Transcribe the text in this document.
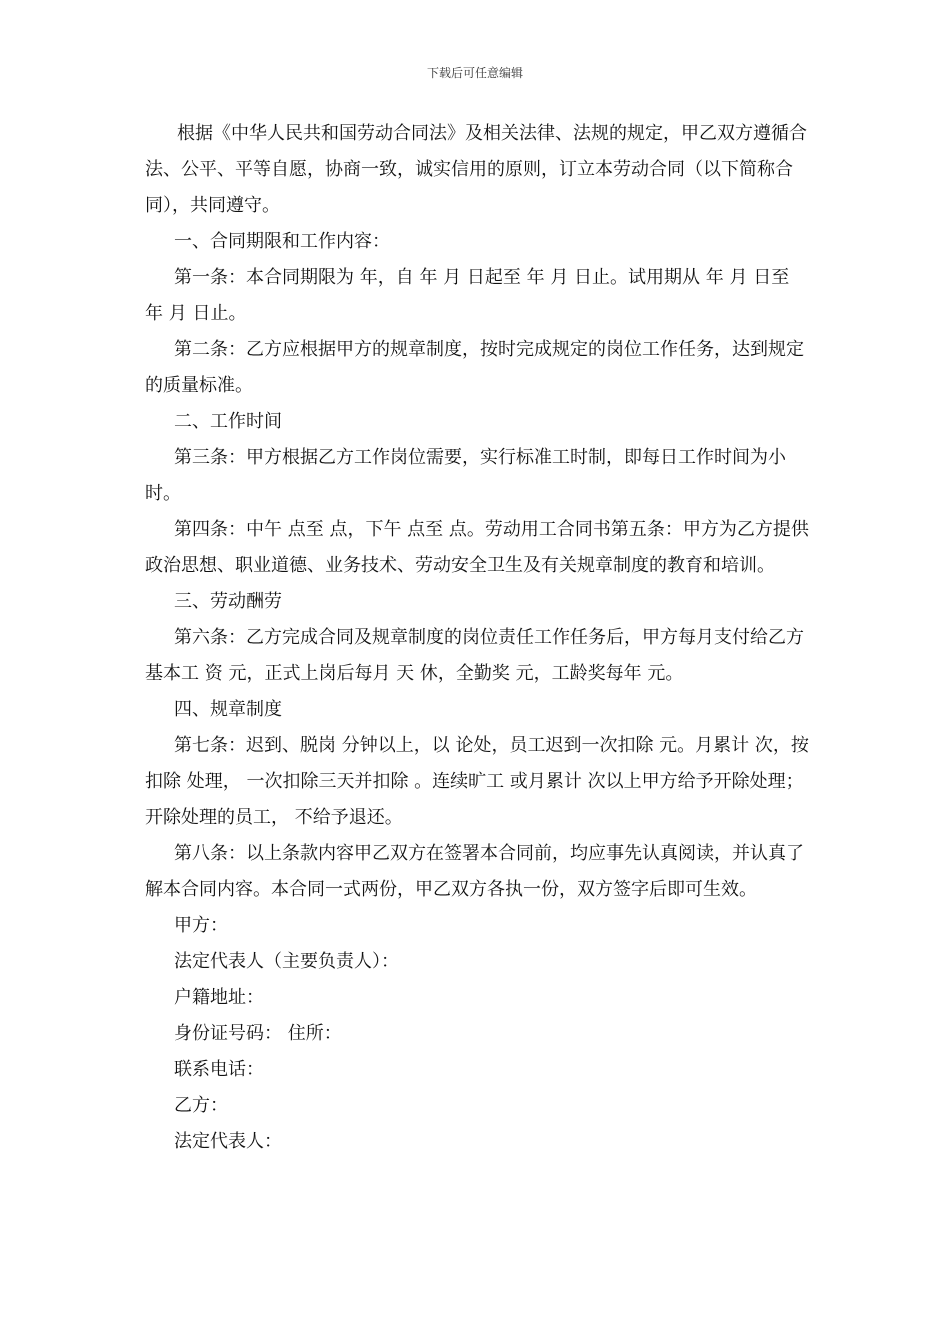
下载后可任意编辑

根据《中华人民共和国劳动合同法》及相关法律、法规的规定，甲乙双方遵循合法、公平、平等自愿，协商一致，诚实信用的原则，订立本劳动合同（以下简称合同），共同遵守。

一、合同期限和工作内容：

第一条：本合同期限为 年，自 年 月 日起至 年 月 日止。试用期从 年 月 日至 年 月 日止。

第二条：乙方应根据甲方的规章制度，按时完成规定的岗位工作任务，达到规定的质量标准。

二、工作时间

第三条：甲方根据乙方工作岗位需要，实行标准工时制，即每日工作时间为小时。

第四条：中午 点至 点，下午 点至 点。劳动用工合同书第五条：甲方为乙方提供政治思想、职业道德、业务技术、劳动安全卫生及有关规章制度的教育和培训。

三、劳动酬劳

第六条：乙方完成合同及规章制度的岗位责任工作任务后，甲方每月支付给乙方基本工 资 元，正式上岗后每月 天 休，全勤奖 元，工龄奖每年 元。

四、规章制度

第七条：迟到、脱岗 分钟以上，以 论处，员工迟到一次扣除 元。月累计 次，按扣除 处理， 一次扣除三天并扣除 。连续旷工 或月累计 次以上甲方给予开除处理；开除处理的员工， 不给予退还。

第八条：以上条款内容甲乙双方在签署本合同前，均应事先认真阅读，并认真了解本合同内容。本合同一式两份，甲乙双方各执一份，双方签字后即可生效。

甲方：

法定代表人（主要负责人）：

户籍地址：

身份证号码： 住所：

联系电话：

乙方：

法定代表人：
